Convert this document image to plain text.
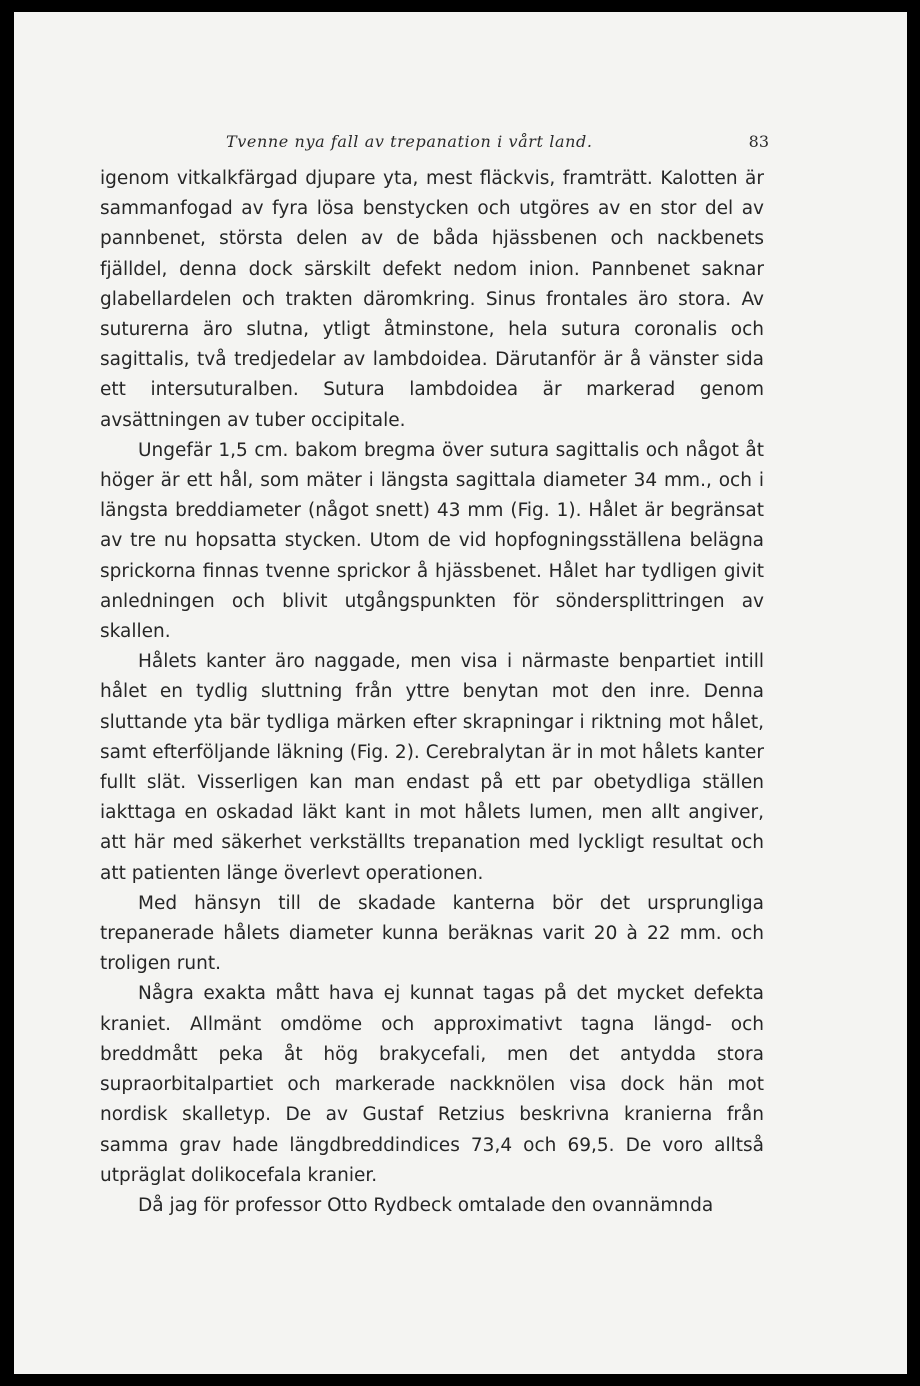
Tvenne nya fall av trepanation i vårt land.	83

igenom vitkalkfärgad djupare yta, mest fläckvis, framträtt. Kalotten är sammanfogad av fyra lösa benstycken och utgöres av en stor del av pannbenet, största delen av de båda hjässbenen och nackbenets fjälldel, denna dock särskilt defekt nedom inion. Pannbenet saknar glabellardelen och trakten däromkring. Sinus frontales äro stora. Av suturerna äro slutna, ytligt åtminstone, hela sutura coronalis och sagittalis, två tredjedelar av lambdoidea. Därutanför är å vänster sida ett intersuturalben. Sutura lambdoidea är markerad genom avsättningen av tuber occipitale.

Ungefär 1,5 cm. bakom bregma över sutura sagittalis och något åt höger är ett hål, som mäter i längsta sagittala diameter 34 mm., och i längsta breddiameter (något snett) 43 mm (Fig. 1). Hålet är begränsat av tre nu hopsatta stycken. Utom de vid hopfogningsställena belägna sprickorna finnas tvenne sprickor å hjässbenet. Hålet har tydligen givit anledningen och blivit utgångspunkten för söndersplittringen av skallen.

Hålets kanter äro naggade, men visa i närmaste benpartiet intill hålet en tydlig sluttning från yttre benytan mot den inre. Denna sluttande yta bär tydliga märken efter skrapningar i riktning mot hålet, samt efterföljande läkning (Fig. 2). Cerebralytan är in mot hålets kanter fullt slät. Visserligen kan man endast på ett par obetydliga ställen iakttaga en oskadad läkt kant in mot hålets lumen, men allt angiver, att här med säkerhet verkställts trepanation med lyckligt resultat och att patienten länge överlevt operationen.

Med hänsyn till de skadade kanterna bör det ursprungliga trepanerade hålets diameter kunna beräknas varit 20 à 22 mm. och troligen runt.

Några exakta mått hava ej kunnat tagas på det mycket defekta kraniet. Allmänt omdöme och approximativt tagna längd- och breddmått peka åt hög brakycefali, men det antydda stora supraorbitalpartiet och markerade nackknölen visa dock hän mot nordisk skalletyp. De av Gustaf Retzius beskrivna kranierna från samma grav hade längdbreddindices 73,4 och 69,5. De voro alltså utpräglat dolikocefala kranier.

Då jag för professor Otto Rydbeck omtalade den ovannämnda
